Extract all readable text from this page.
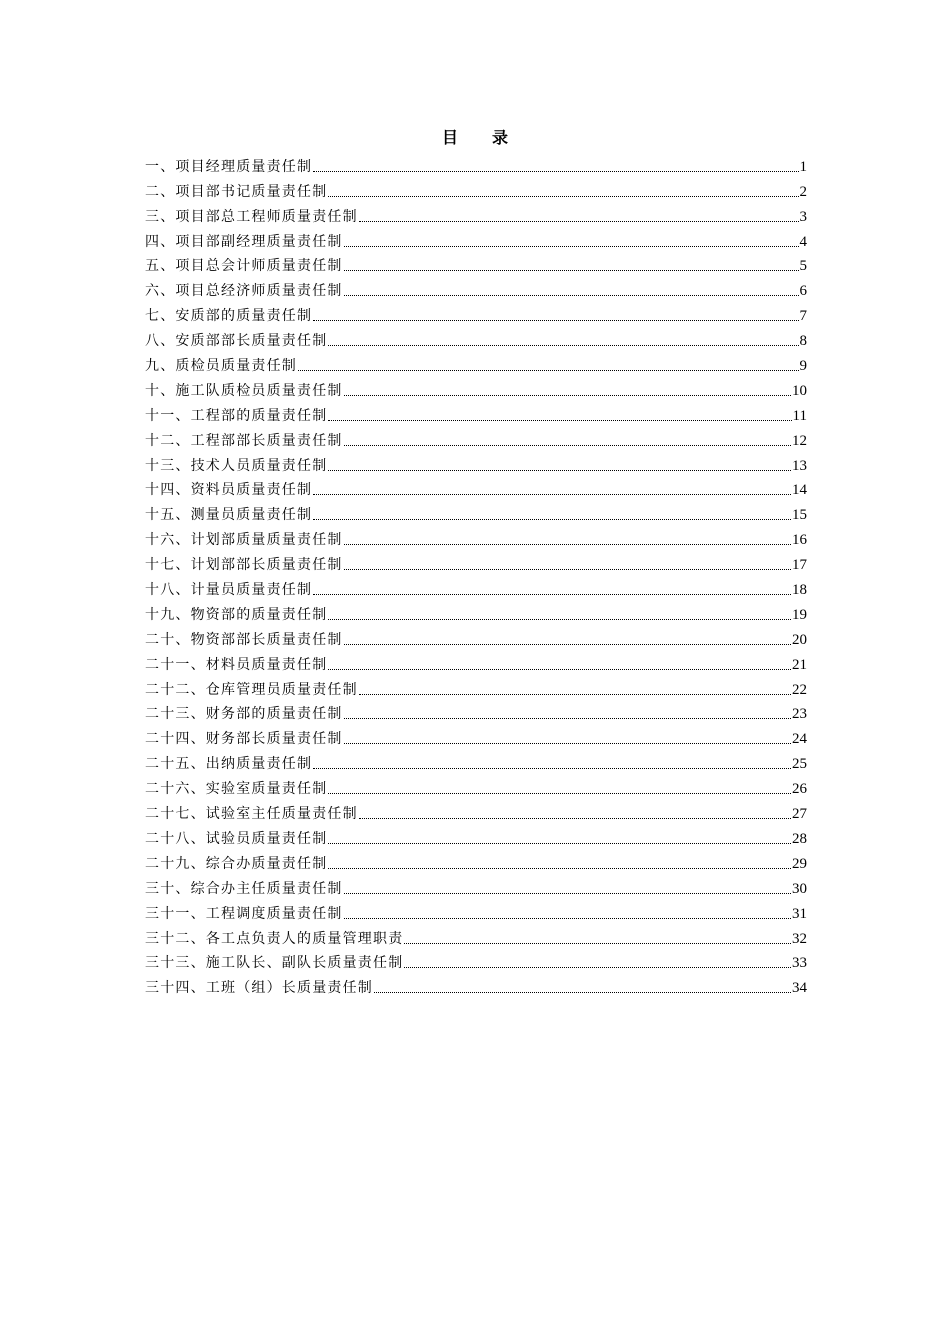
目 录
一、项目经理质量责任制	1
二、项目部书记质量责任制	2
三、项目部总工程师质量责任制	3
四、项目部副经理质量责任制	4
五、项目总会计师质量责任制	5
六、项目总经济师质量责任制	6
七、安质部的质量责任制	7
八、安质部部长质量责任制	8
九、质检员质量责任制	9
十、施工队质检员质量责任制	10
十一、工程部的质量责任制	11
十二、工程部部长质量责任制	12
十三、技术人员质量责任制	13
十四、资料员质量责任制	14
十五、测量员质量责任制	15
十六、计划部质量质量责任制	16
十七、计划部部长质量责任制	17
十八、计量员质量责任制	18
十九、物资部的质量责任制	19
二十、物资部部长质量责任制	20
二十一、材料员质量责任制	21
二十二、仓库管理员质量责任制	22
二十三、财务部的质量责任制	23
二十四、财务部长质量责任制	24
二十五、出纳质量责任制	25
二十六、实验室质量责任制	26
二十七、试验室主任质量责任制	27
二十八、试验员质量责任制	28
二十九、综合办质量责任制	29
三十、综合办主任质量责任制	30
三十一、工程调度质量责任制	31
三十二、各工点负责人的质量管理职责	32
三十三、施工队长、副队长质量责任制	33
三十四、工班（组）长质量责任制	34
